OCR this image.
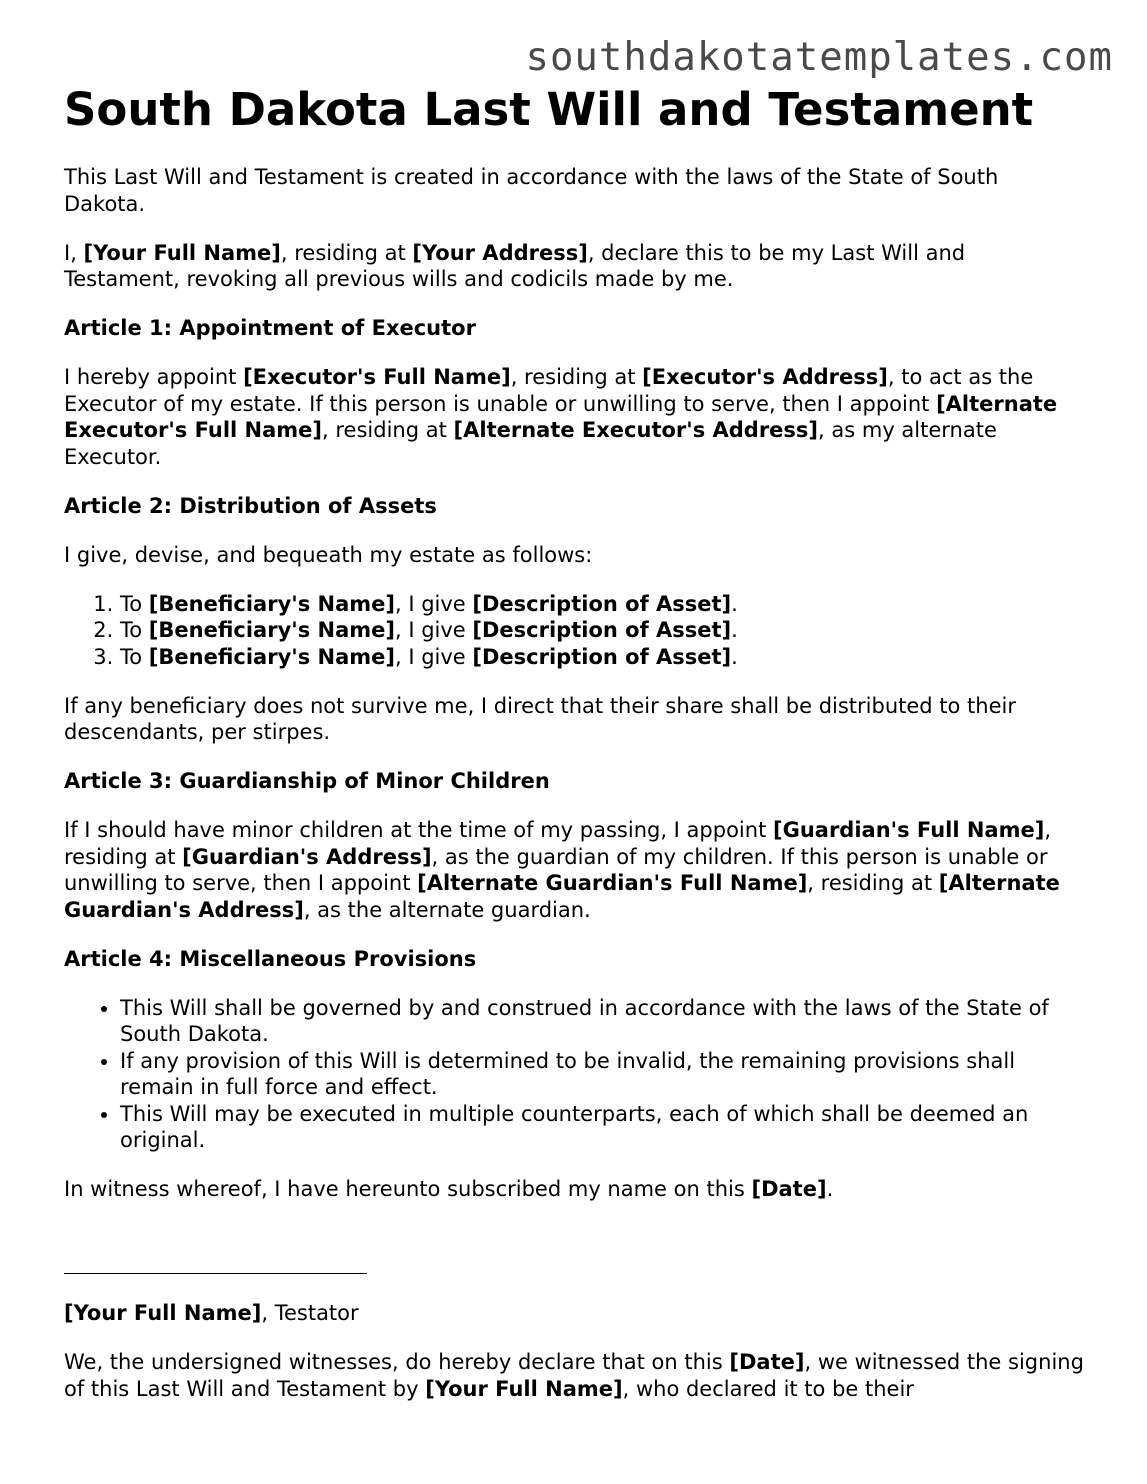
southdakotatemplates.com
South Dakota Last Will and Testament

This Last Will and Testament is created in accordance with the laws of the State of South Dakota.

I, [Your Full Name], residing at [Your Address], declare this to be my Last Will and Testament, revoking all previous wills and codicils made by me.

Article 1: Appointment of Executor

I hereby appoint [Executor's Full Name], residing at [Executor's Address], to act as the Executor of my estate. If this person is unable or unwilling to serve, then I appoint [Alternate Executor's Full Name], residing at [Alternate Executor's Address], as my alternate Executor.

Article 2: Distribution of Assets

I give, devise, and bequeath my estate as follows:

1. To [Beneficiary's Name], I give [Description of Asset].
2. To [Beneficiary's Name], I give [Description of Asset].
3. To [Beneficiary's Name], I give [Description of Asset].

If any beneficiary does not survive me, I direct that their share shall be distributed to their descendants, per stirpes.

Article 3: Guardianship of Minor Children

If I should have minor children at the time of my passing, I appoint [Guardian's Full Name], residing at [Guardian's Address], as the guardian of my children. If this person is unable or unwilling to serve, then I appoint [Alternate Guardian's Full Name], residing at [Alternate Guardian's Address], as the alternate guardian.

Article 4: Miscellaneous Provisions
• This Will shall be governed by and construed in accordance with the laws of the State of South Dakota.
• If any provision of this Will is determined to be invalid, the remaining provisions shall remain in full force and effect.
• This Will may be executed in multiple counterparts, each of which shall be deemed an original.

In witness whereof, I have hereunto subscribed my name on this [Date].

[Your Full Name], Testator

We, the undersigned witnesses, do hereby declare that on this [Date], we witnessed the signing of this Last Will and Testament by [Your Full Name], who declared it to be their
